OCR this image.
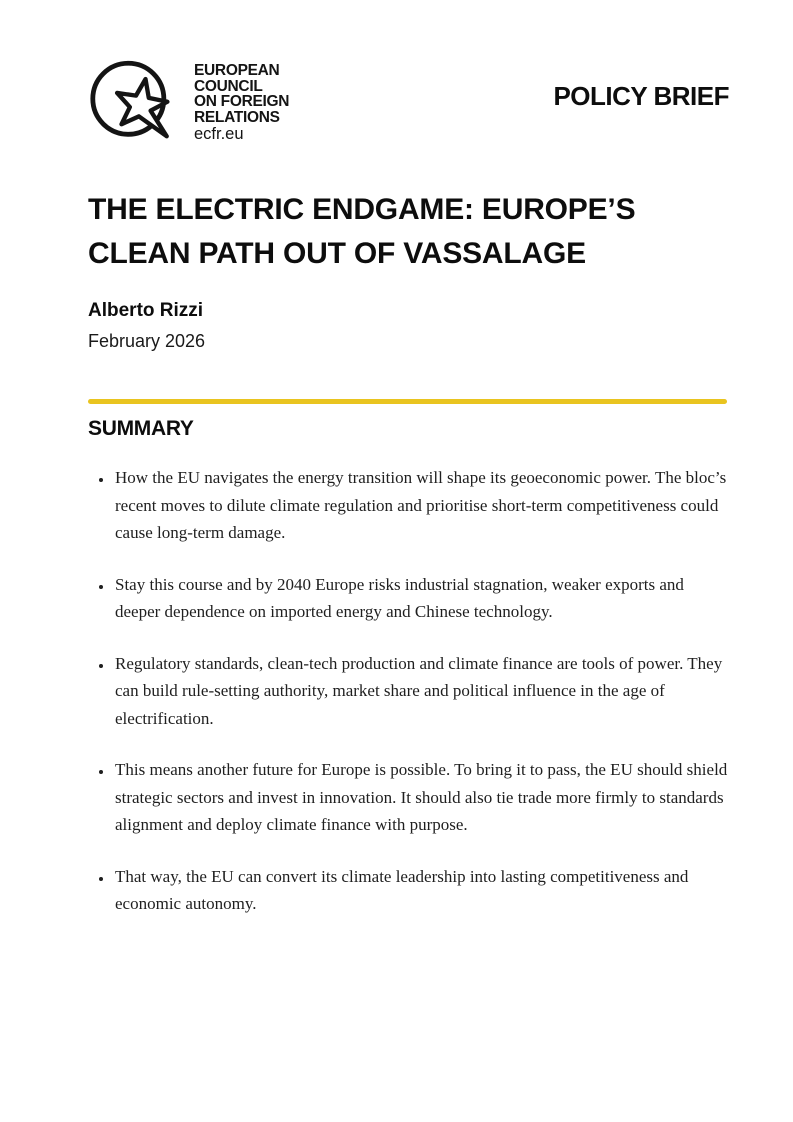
EUROPEAN
COUNCIL
ON FOREIGN
RELATIONS
ecfr.eu
POLICY BRIEF
THE ELECTRIC ENDGAME: EUROPE’S CLEAN PATH OUT OF VASSALAGE
Alberto Rizzi
February 2026
SUMMARY
• How the EU navigates the energy transition will shape its geoeconomic power. The bloc’s recent moves to dilute climate regulation and prioritise short-term competitiveness could cause long-term damage.
• Stay this course and by 2040 Europe risks industrial stagnation, weaker exports and deeper dependence on imported energy and Chinese technology.
• Regulatory standards, clean-tech production and climate finance are tools of power. They can build rule-setting authority, market share and political influence in the age of electrification.
• This means another future for Europe is possible. To bring it to pass, the EU should shield strategic sectors and invest in innovation. It should also tie trade more firmly to standards alignment and deploy climate finance with purpose.
• That way, the EU can convert its climate leadership into lasting competitiveness and economic autonomy.
